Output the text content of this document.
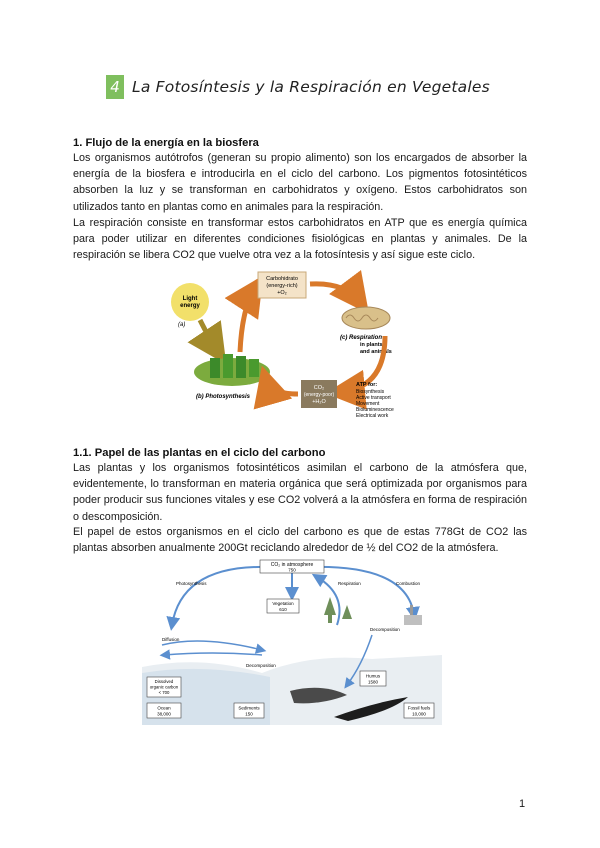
4 La Fotosíntesis y la Respiración en Vegetales
1. Flujo de la energía en la biosfera
Los organismos autótrofos (generan su propio alimento) son los encargados de absorber la energía de la biosfera e introducirla en el ciclo del carbono. Los pigmentos fotosintéticos absorben la luz y se transforman en carbohidratos y oxígeno. Estos carbohidratos son utilizados tanto en plantas como en animales para la respiración.
La respiración consiste en transformar estos carbohidratos en ATP que es energía química para poder utilizar en diferentes condiciones fisiológicas en plantas y animales. De la respiración se libera CO2 que vuelve otra vez a la fotosíntesis y así sigue este ciclo.
Light
energy
(a)
(b) Photosynthesis
Carbohidrato
(energy-rich)
+O₂
(c) Respiration
in plants
and animals
CO₂
(energy-poor)
+H₂O
ATP for:
Biosynthesis
Active transport
Movement
Bioluminescence
Electrical work
1.1. Papel de las plantas en el ciclo del carbono
Las plantas y los organismos fotosintéticos asimilan el carbono de la atmósfera que, evidentemente, lo transforman en materia orgánica que será optimizada por organismos para poder producir sus funciones vitales y ese CO2 volverá a la atmósfera en forma de respiración o descomposición.
El papel de estos organismos en el ciclo del carbono es que de estas 778Gt de CO2 las plantas absorben anualmente 200Gt reciclando alrededor de ½ del CO2 de la atmósfera.
CO₂ in atmosphere
750
Photosynthesis
Vegetation
610
Respiration	Combustion
Decomposition
Diffusion
Decomposition
Dissolved
organic carbon
< 700
Ocean
38,000
Sediments
150
Humus
1580
Fossil fuels
10,000
1
